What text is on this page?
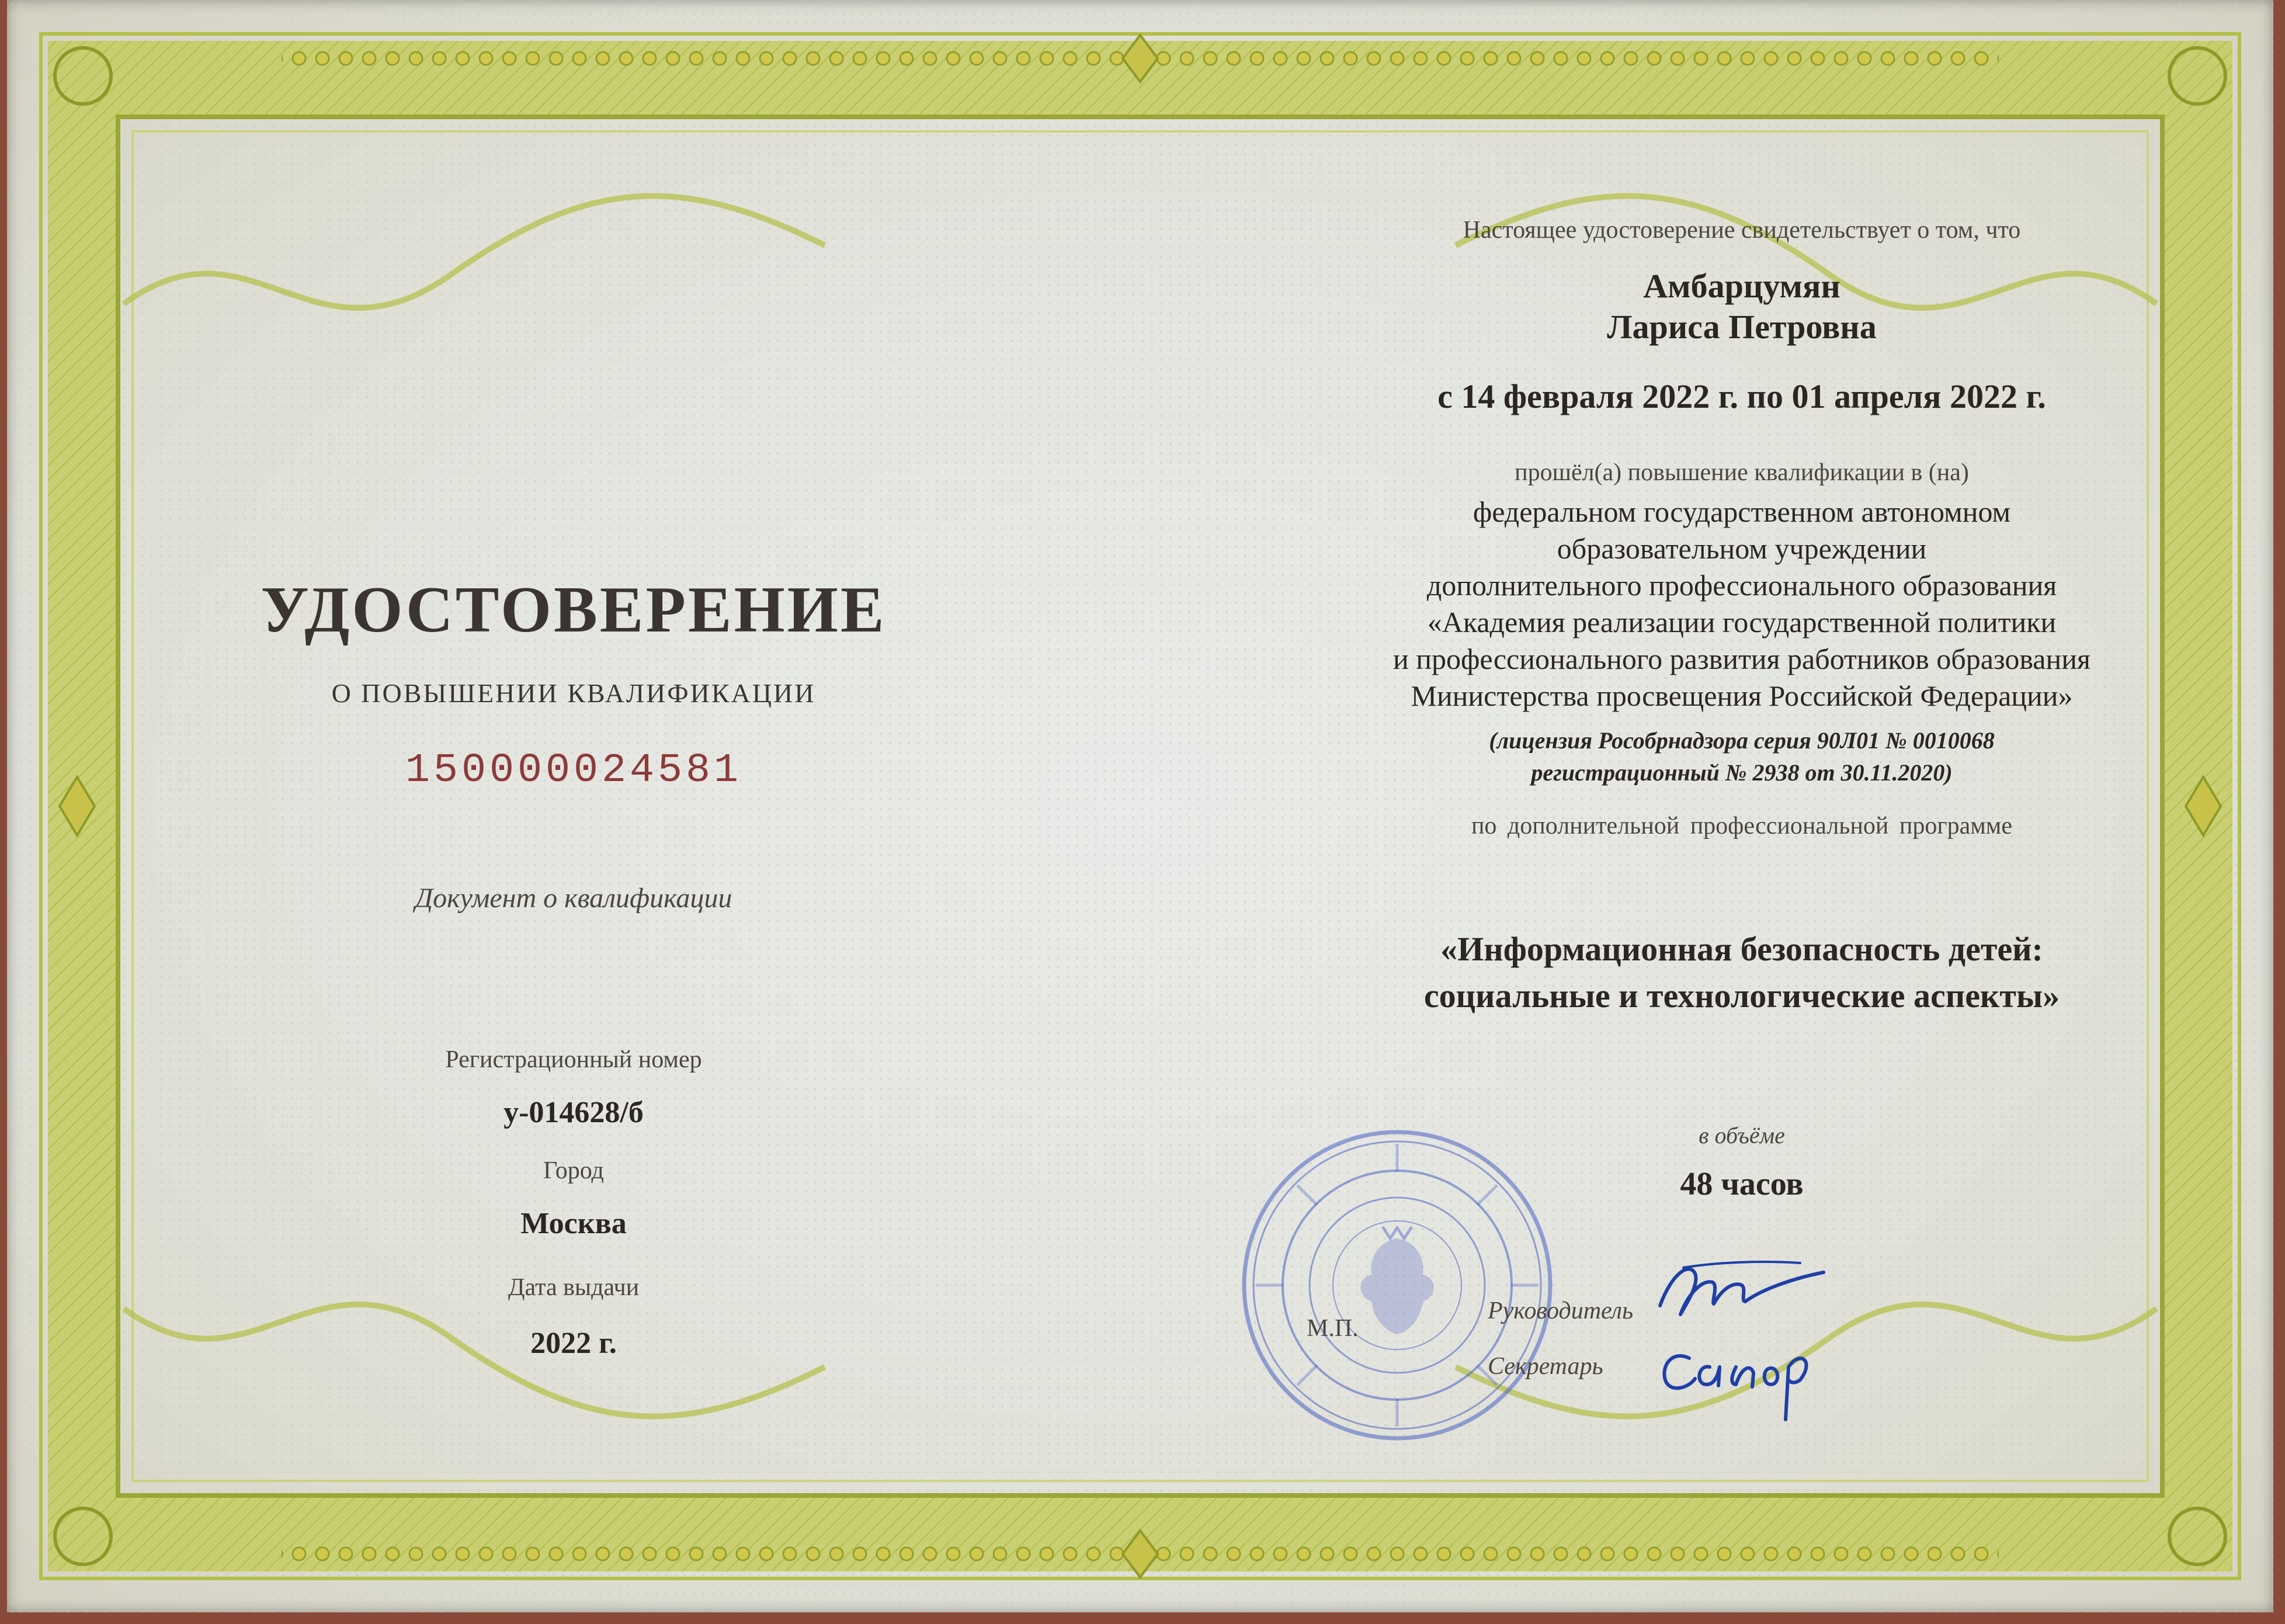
УДОСТОВЕРЕНИЕ
О ПОВЫШЕНИИ КВАЛИФИКАЦИИ
150000024581
Документ о квалификации
Регистрационный номер
у-014628/б
Город
Москва
Дата выдачи
2022 г.
Настоящее удостоверение свидетельствует о том, что
Амбарцумян
Лариса Петровна
с 14 февраля 2022 г. по 01 апреля 2022 г.
прошёл(а) повышение квалификации в (на)
федеральном государственном автономном
образовательном учреждении
дополнительного профессионального образования
«Академия реализации государственной политики
и профессионального развития работников образования
Министерства просвещения Российской Федерации»
(лицензия Рособрнадзора серия 90Л01 № 0010068
регистрационный № 2938 от 30.11.2020)
по дополнительной профессиональной программе
«Информационная безопасность детей:
социальные и технологические аспекты»
в объёме
48 часов
М.П.
Руководитель
Секретарь
